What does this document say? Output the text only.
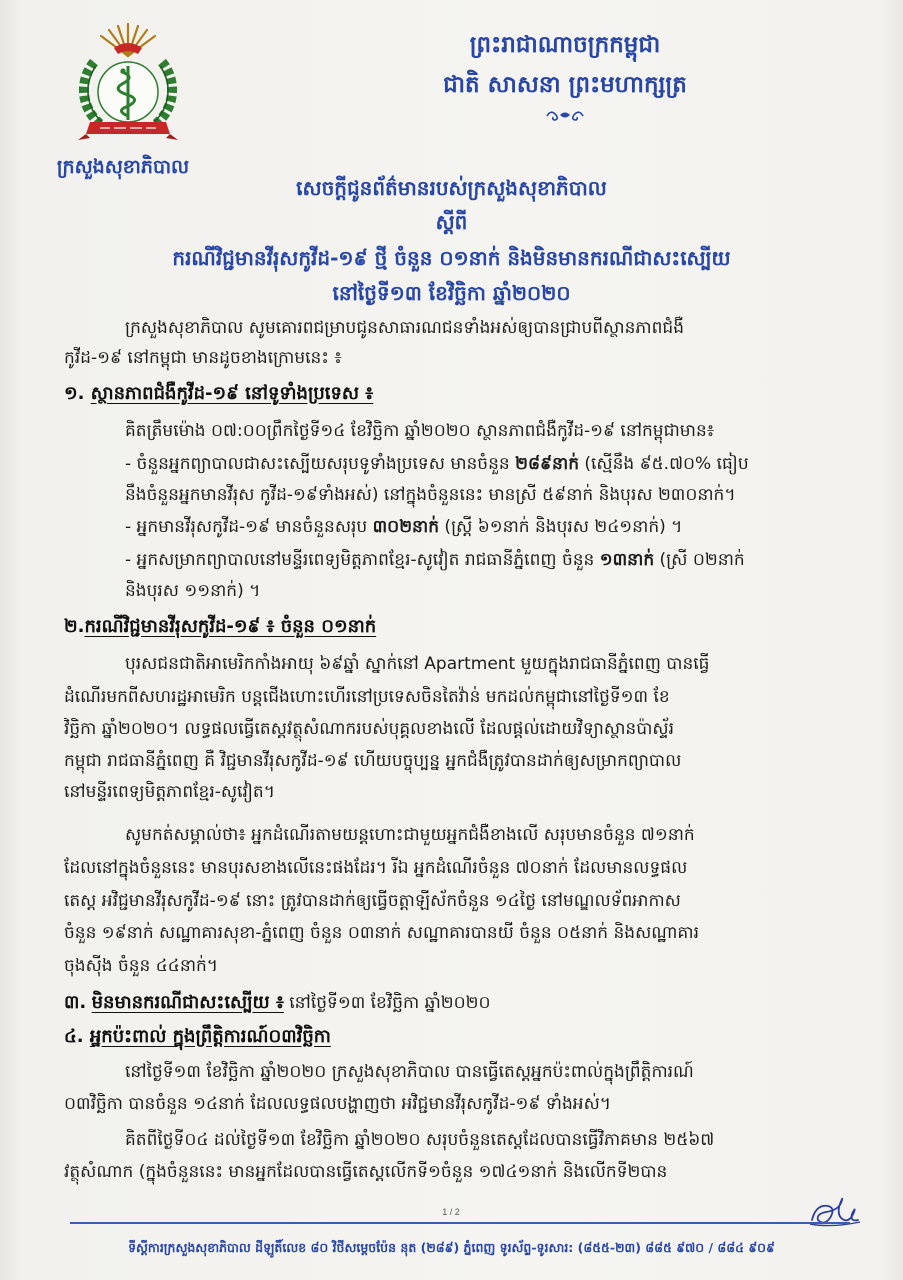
ក្រសួងសុខាភិបាល
ព្រះរាជាណាចក្រកម្ពុជា
ជាតិ សាសនា ព្រះមហាក្សត្រ
សេចក្តីជូនព័ត៌មានរបស់ក្រសួងសុខាភិបាល
ស្តីពី
ករណីវិជ្ជមានវីរុសកូវីដ-១៩ ថ្មី ចំនួន ០១នាក់ និងមិនមានករណីជាសះស្បើយ
នៅថ្ងៃទី១៣ ខែវិច្ឆិកា ឆ្នាំ២០២០
ក្រសួងសុខាភិបាល សូមគោរពជម្រាបជូនសាធារណជនទាំងអស់ឲ្យបានជ្រាបពីស្ថានភាពជំងឺ
កូវីដ-១៩ នៅកម្ពុជា មានដូចខាងក្រោមនេះ ៖
១. ស្ថានភាពជំងឺកូវីដ-១៩ នៅទូទាំងប្រទេស ៖
គិតត្រឹមម៉ោង ០៧:០០ព្រឹកថ្ងៃទី១៤ ខែវិច្ឆិកា ឆ្នាំ២០២០ ស្ថានភាពជំងឺកូវីដ-១៩ នៅកម្ពុជាមាន៖
- ចំនួនអ្នកព្យាបាលជាសះស្បើយសរុបទូទាំងប្រទេស មានចំនួន ២៨៩នាក់ (ស្មើនឹង ៩៥.៧០% ធៀប
នឹងចំនួនអ្នកមានវីរុស កូវីដ-១៩ទាំងអស់) នៅក្នុងចំនួននេះ មានស្រី ៥៩នាក់ និងបុរស ២៣០នាក់។
- អ្នកមានវីរុសកូវីដ-១៩ មានចំនួនសរុប ៣០២នាក់ (ស្ត្រី ៦១នាក់ និងបុរស ២៤១នាក់) ។
- អ្នកសម្រាកព្យាបាលនៅមន្ទីរពេទ្យមិត្តភាពខ្មែរ-សូវៀត រាជធានីភ្នំពេញ ចំនួន ១៣នាក់ (ស្រី ០២នាក់
និងបុរស ១១នាក់) ។
២.ករណីវិជ្ជមានវីរុសកូវីដ-១៩ ៖ ចំនួន ០១នាក់
បុរសជនជាតិអាមេរិកកាំងអាយុ ៦៩ឆ្នាំ ស្នាក់នៅ Apartment មួយក្នុងរាជធានីភ្នំពេញ បានធ្វើ
ដំណើរមកពីសហរដ្ឋអាមេរិក បន្តជើងហោះហើរនៅប្រទេសចិនតៃវ៉ាន់ មកដល់កម្ពុជានៅថ្ងៃទី១៣ ខែ
វិច្ឆិកា ឆ្នាំ២០២០។ លទ្ធផលធ្វើតេស្តវត្ថុសំណាករបស់បុគ្គលខាងលើ ដែលផ្តល់ដោយវិទ្យាស្ថានប៉ាស្ទ័រ
កម្ពុជា រាជធានីភ្នំពេញ គឺ វិជ្ជមានវីរុសកូវីដ-១៩ ហើយបច្ចុប្បន្ន អ្នកជំងឺត្រូវបានដាក់ឲ្យសម្រាកព្យាបាល
នៅមន្ទីរពេទ្យមិត្តភាពខ្មែរ-សូវៀត។
សូមកត់សម្គាល់ថា៖ អ្នកដំណើរតាមយន្តហោះជាមួយអ្នកជំងឺខាងលើ សរុបមានចំនួន ៧១នាក់
ដែលនៅក្នុងចំនួននេះ មានបុរសខាងលើនេះផងដែរ។ រីឯ អ្នកដំណើរចំនួន ៧០នាក់ ដែលមានលទ្ធផល
តេស្ត អវិជ្ជមានវីរុសកូវីដ-១៩ នោះ ត្រូវបានដាក់ឲ្យធ្វើចត្តាឡីស័កចំនួន ១៤ថ្ងៃ នៅមណ្ឌលទ័ពអាកាស
ចំនួន ១៩នាក់ សណ្ឋាគារសុខា-ភ្នំពេញ ចំនួន ០៣នាក់ សណ្ឋាគារបានយី ចំនួន ០៥នាក់ និងសណ្ឋាគារ
ចុងស៊ីង ចំនួន ៤៤នាក់។
៣. មិនមានករណីជាសះស្បើយ ៖ នៅថ្ងៃទី១៣ ខែវិច្ឆិកា ឆ្នាំ២០២០
៤. អ្នកប៉ះពាល់ ក្នុងព្រឹត្តិការណ៍០៣វិច្ឆិកា
នៅថ្ងៃទី១៣ ខែវិច្ឆិកា ឆ្នាំ២០២០ ក្រសួងសុខាភិបាល បានធ្វើតេស្តអ្នកប៉ះពាល់ក្នុងព្រឹត្តិការណ៍
០៣វិច្ឆិកា បានចំនួន ១៤នាក់ ដែលលទ្ធផលបង្ហាញថា អវិជ្ជមានវីរុសកូវីដ-១៩ ទាំងអស់។
គិតពីថ្ងៃទី០៤ ដល់ថ្ងៃទី១៣ ខែវិច្ឆិកា ឆ្នាំ២០២០ សរុបចំនួនតេស្តដែលបានធ្វើវិភាគមាន ២៥៦៧
វត្ថុសំណាក (ក្នុងចំនួននេះ មានអ្នកដែលបានធ្វើតេស្តលើកទី១ចំនួន ១៧៤១នាក់ និងលើកទី២បាន
1 / 2
ទីស្តីការក្រសួងសុខាភិបាល ដីឡូតិ៍លេខ ៨០ វិថីសម្តេចប៉ែន នុត (២៨៩) ភ្នំពេញ ទូរស័ព្ទ-ទូរសារ: (៨៥៥-២៣) ៨៨៥ ៩៧០ / ៨៨៤ ៩០៩
